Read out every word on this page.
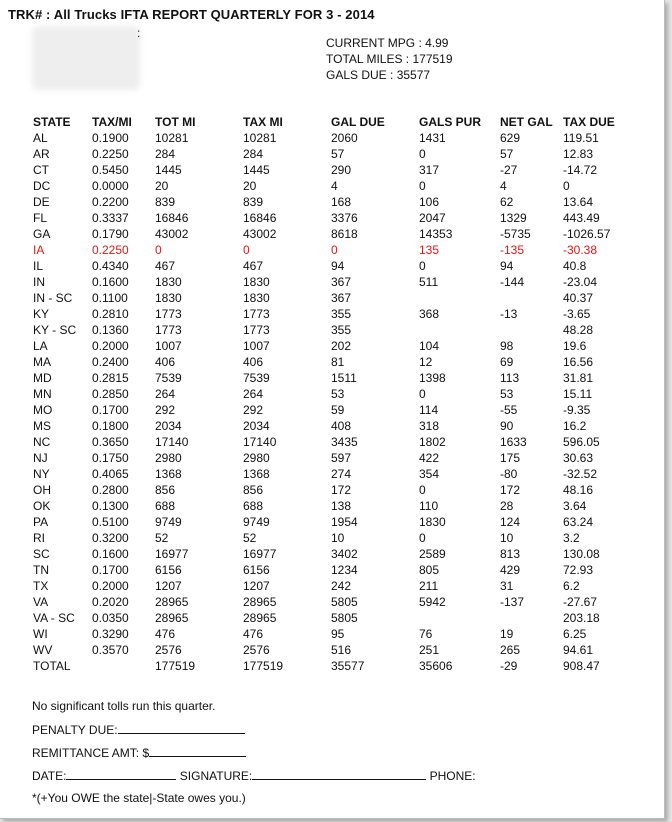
TRK# : All Trucks IFTA REPORT QUARTERLY FOR 3 - 2014
:
CURRENT MPG : 4.99
TOTAL MILES : 177519
GALS DUE : 35577
STATE	TAX/MI	TOT MI	TAX MI	GAL DUE	GALS PUR	NET GAL	TAX DUE
AL	0.1900	10281	10281	2060	1431	629	119.51
AR	0.2250	284	284	57	0	57	12.83
CT	0.5450	1445	1445	290	317	-27	-14.72
DC	0.0000	20	20	4	0	4	0
DE	0.2200	839	839	168	106	62	13.64
FL	0.3337	16846	16846	3376	2047	1329	443.49
GA	0.1790	43002	43002	8618	14353	-5735	-1026.57
IA	0.2250	0	0	0	135	-135	-30.38
IL	0.4340	467	467	94	0	94	40.8
IN	0.1600	1830	1830	367	511	-144	-23.04
IN - SC	0.1100	1830	1830	367			40.37
KY	0.2810	1773	1773	355	368	-13	-3.65
KY - SC	0.1360	1773	1773	355			48.28
LA	0.2000	1007	1007	202	104	98	19.6
MA	0.2400	406	406	81	12	69	16.56
MD	0.2815	7539	7539	1511	1398	113	31.81
MN	0.2850	264	264	53	0	53	15.11
MO	0.1700	292	292	59	114	-55	-9.35
MS	0.1800	2034	2034	408	318	90	16.2
NC	0.3650	17140	17140	3435	1802	1633	596.05
NJ	0.1750	2980	2980	597	422	175	30.63
NY	0.4065	1368	1368	274	354	-80	-32.52
OH	0.2800	856	856	172	0	172	48.16
OK	0.1300	688	688	138	110	28	3.64
PA	0.5100	9749	9749	1954	1830	124	63.24
RI	0.3200	52	52	10	0	10	3.2
SC	0.1600	16977	16977	3402	2589	813	130.08
TN	0.1700	6156	6156	1234	805	429	72.93
TX	0.2000	1207	1207	242	211	31	6.2
VA	0.2020	28965	28965	5805	5942	-137	-27.67
VA - SC	0.0350	28965	28965	5805			203.18
WI	0.3290	476	476	95	76	19	6.25
WV	0.3570	2576	2576	516	251	265	94.61
TOTAL		177519	177519	35577	35606	-29	908.47
No significant tolls run this quarter.
PENALTY DUE:
REMITTANCE AMT: $
DATE:	SIGNATURE:	PHONE:
*(+You OWE the state|-State owes you.)
